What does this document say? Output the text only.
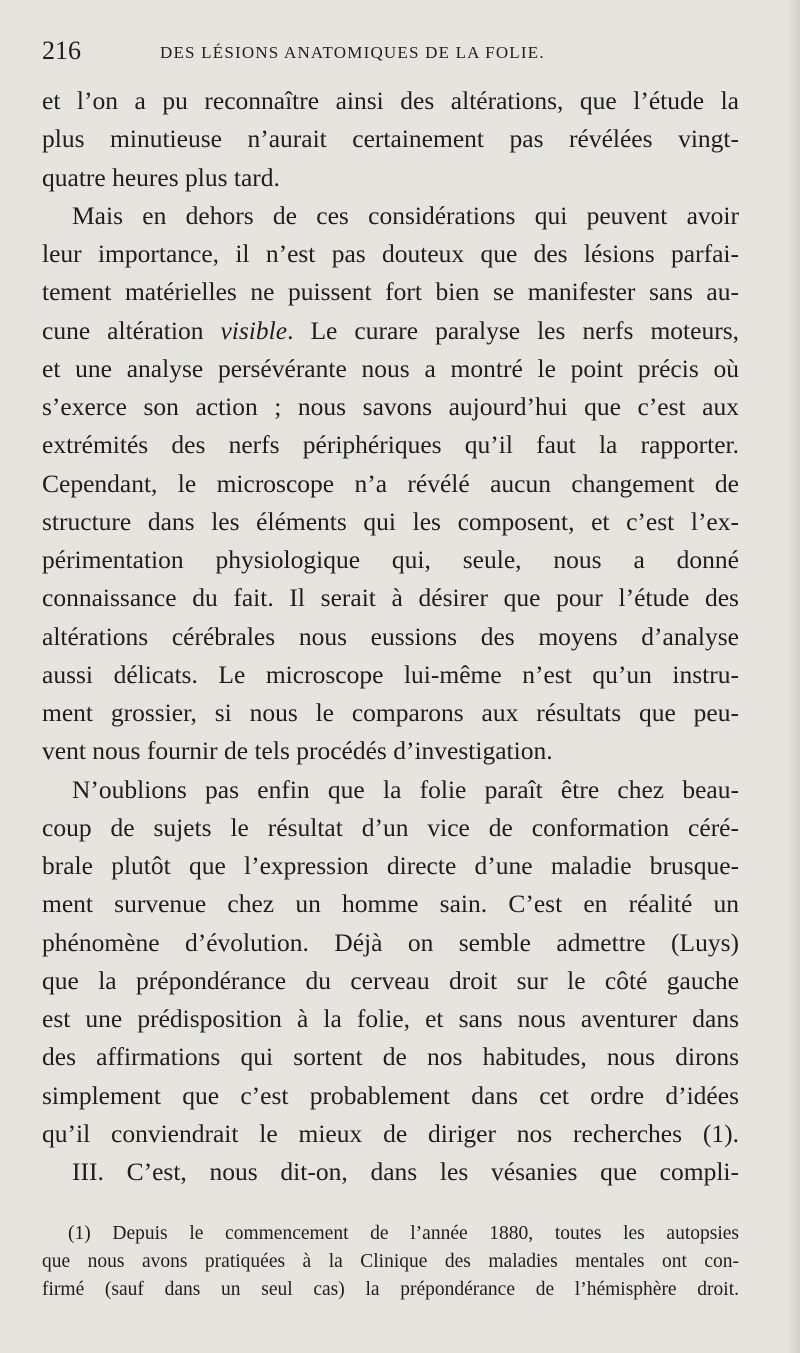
216	DES LÉSIONS ANATOMIQUES DE LA FOLIE.
et l’on a pu reconnaître ainsi des altérations, que l’étude la
plus minutieuse n’aurait certainement pas révélées vingt-
quatre heures plus tard.
Mais en dehors de ces considérations qui peuvent avoir
leur importance, il n’est pas douteux que des lésions parfai-
tement matérielles ne puissent fort bien se manifester sans au-
cune altération visible. Le curare paralyse les nerfs moteurs,
et une analyse persévérante nous a montré le point précis où
s’exerce son action ; nous savons aujourd’hui que c’est aux
extrémités des nerfs périphériques qu’il faut la rapporter.
Cependant, le microscope n’a révélé aucun changement de
structure dans les éléments qui les composent, et c’est l’ex-
périmentation physiologique qui, seule, nous a donné
connaissance du fait. Il serait à désirer que pour l’étude des
altérations cérébrales nous eussions des moyens d’analyse
aussi délicats. Le microscope lui-même n’est qu’un instru-
ment grossier, si nous le comparons aux résultats que peu-
vent nous fournir de tels procédés d’investigation.
N’oublions pas enfin que la folie paraît être chez beau-
coup de sujets le résultat d’un vice de conformation céré-
brale plutôt que l’expression directe d’une maladie brusque-
ment survenue chez un homme sain. C’est en réalité un
phénomène d’évolution. Déjà on semble admettre (Luys)
que la prépondérance du cerveau droit sur le côté gauche
est une prédisposition à la folie, et sans nous aventurer dans
des affirmations qui sortent de nos habitudes, nous dirons
simplement que c’est probablement dans cet ordre d’idées
qu’il conviendrait le mieux de diriger nos recherches (1).
III. C’est, nous dit-on, dans les vésanies que compli-
(1) Depuis le commencement de l’année 1880, toutes les autopsies
que nous avons pratiquées à la Clinique des maladies mentales ont con-
firmé (sauf dans un seul cas) la prépondérance de l’hémisphère droit.
